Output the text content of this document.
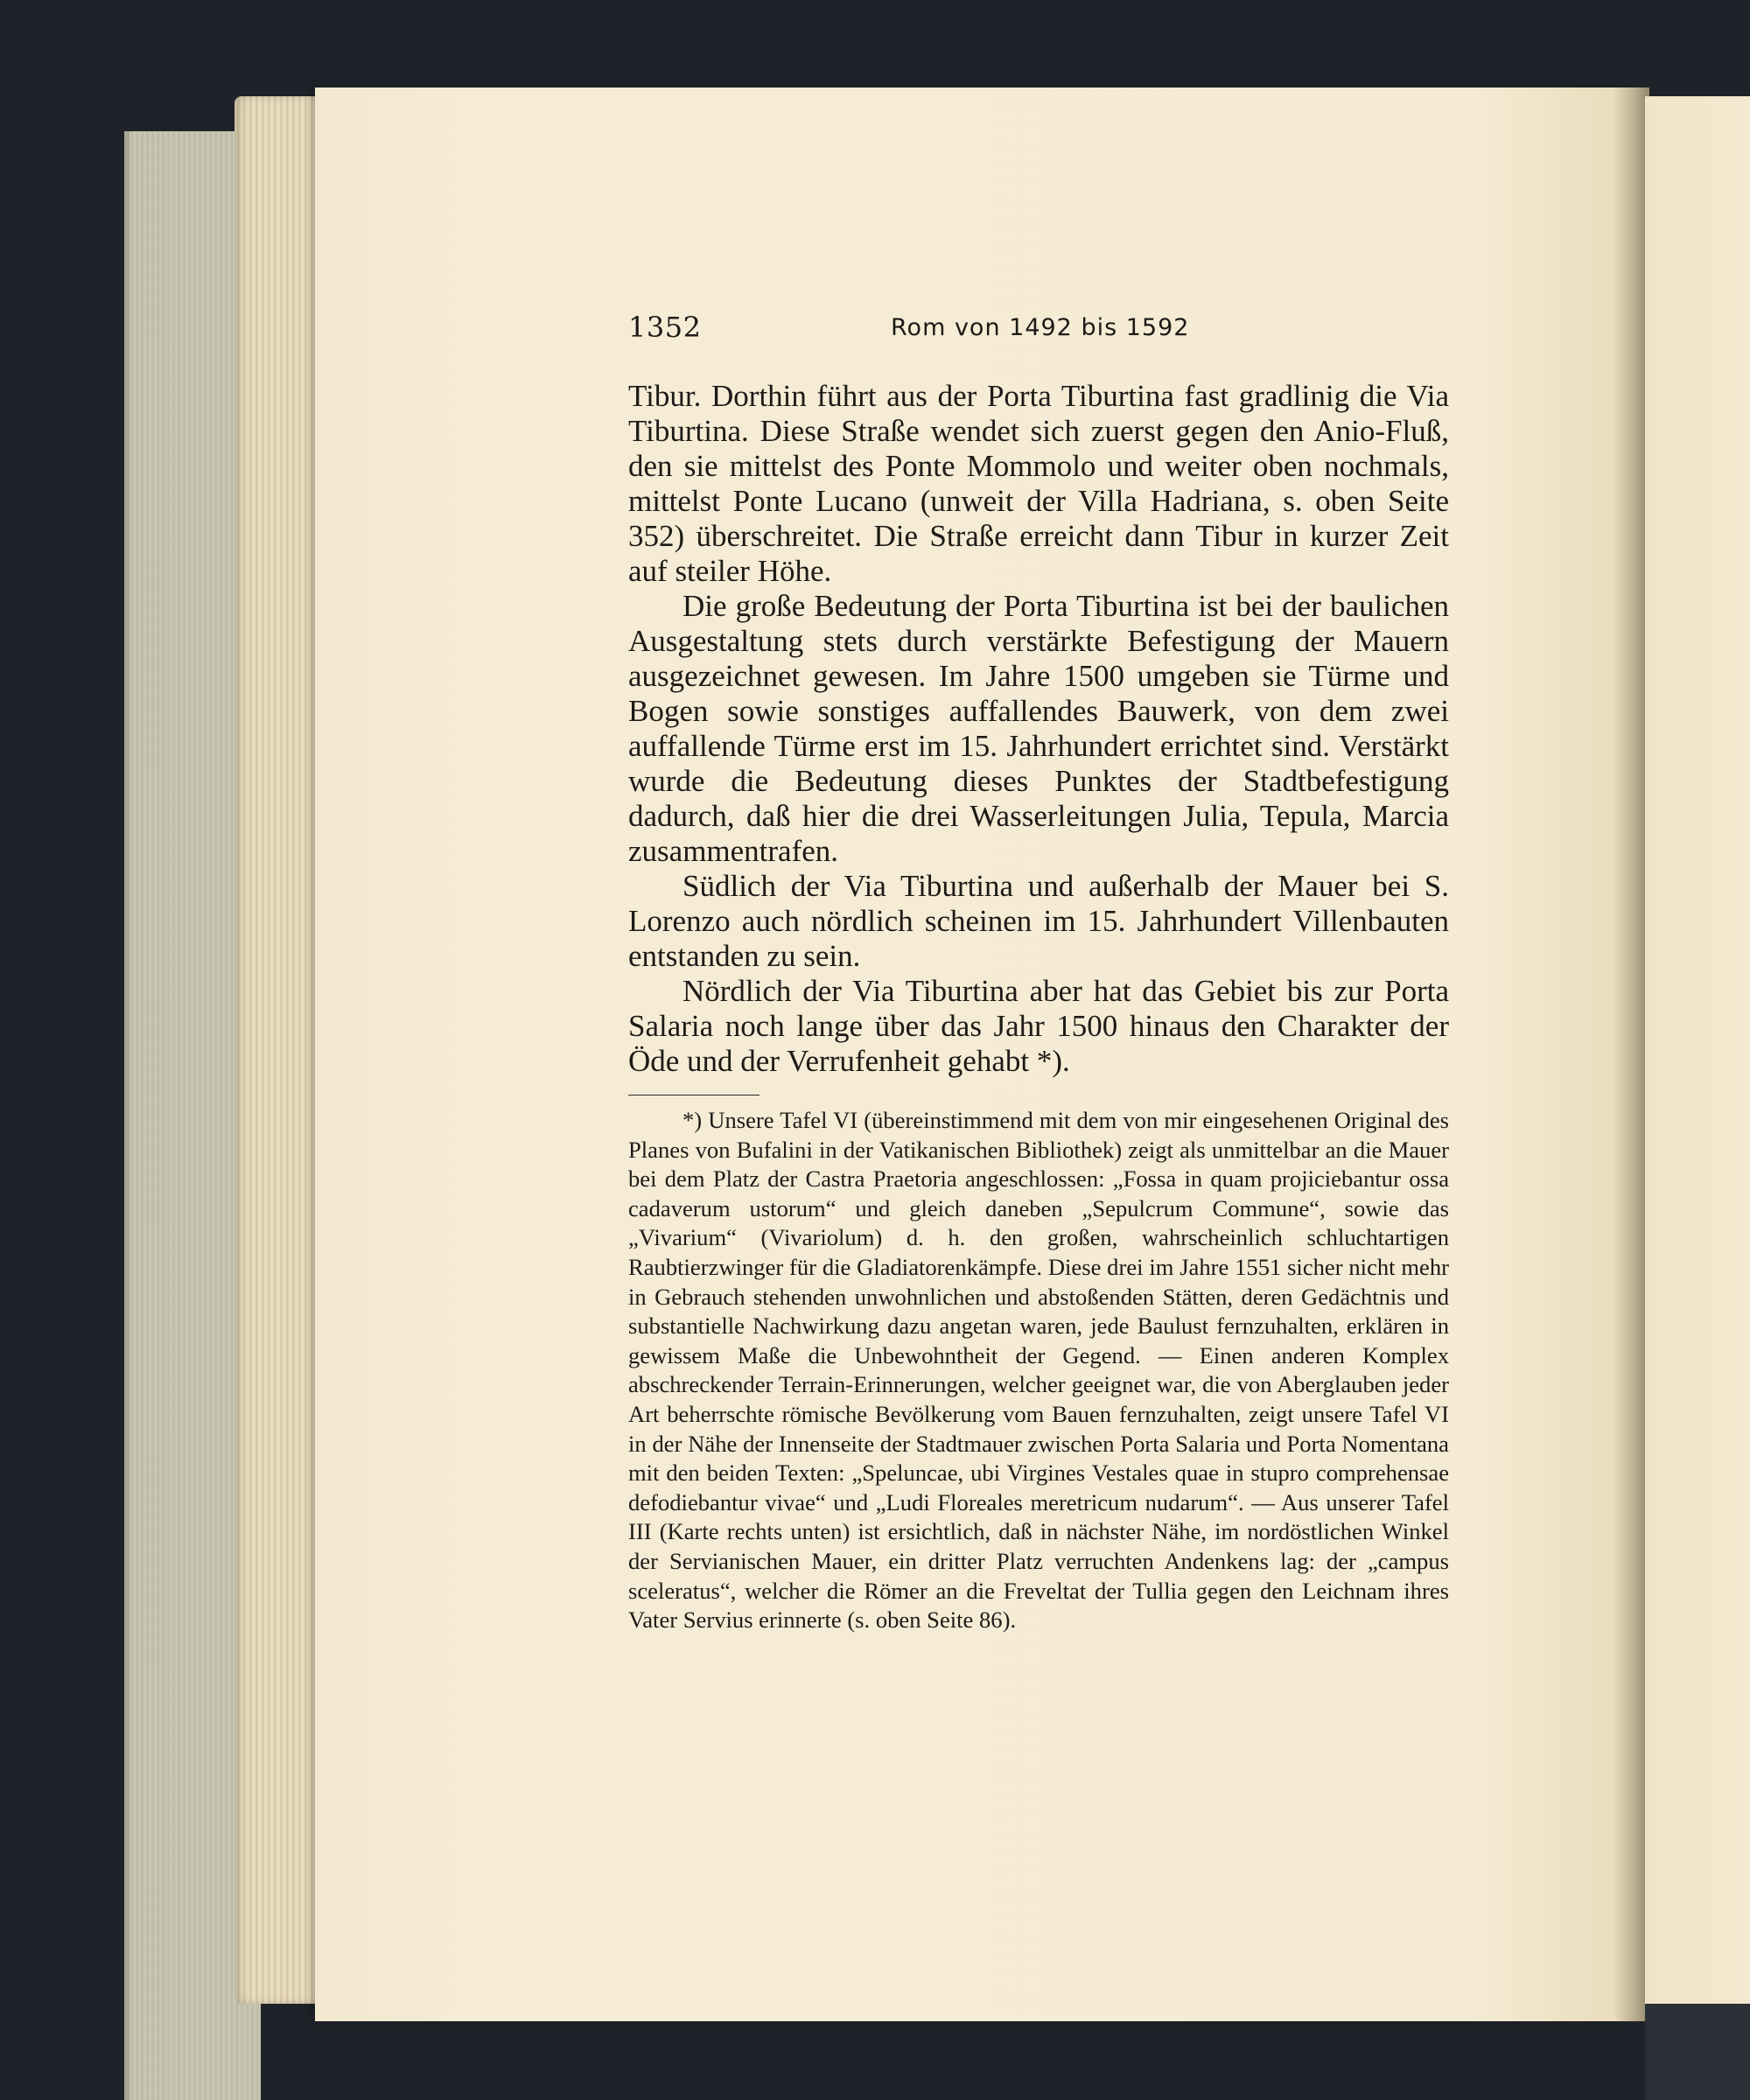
1352	Rom von 1492 bis 1592

Tibur. Dorthin führt aus der Porta Tiburtina fast gradlinig die Via Tiburtina. Diese Straße wendet sich zuerst gegen den Anio-Fluß, den sie mittelst des Ponte Mommolo und weiter oben nochmals, mittelst Ponte Lucano (unweit der Villa Hadriana, s. oben Seite 352) überschreitet. Die Straße erreicht dann Tibur in kurzer Zeit auf steiler Höhe.

Die große Bedeutung der Porta Tiburtina ist bei der baulichen Ausgestaltung stets durch verstärkte Befestigung der Mauern ausgezeichnet gewesen. Im Jahre 1500 umgeben sie Türme und Bogen sowie sonstiges auffallendes Bauwerk, von dem zwei auffallende Türme erst im 15. Jahrhundert errichtet sind. Verstärkt wurde die Bedeutung dieses Punktes der Stadtbefestigung dadurch, daß hier die drei Wasserleitungen Julia, Tepula, Marcia zusammentrafen.

Südlich der Via Tiburtina und außerhalb der Mauer bei S. Lorenzo auch nördlich scheinen im 15. Jahrhundert Villenbauten entstanden zu sein.

Nördlich der Via Tiburtina aber hat das Gebiet bis zur Porta Salaria noch lange über das Jahr 1500 hinaus den Charakter der Öde und der Verrufenheit gehabt *).

*) Unsere Tafel VI (übereinstimmend mit dem von mir eingesehenen Original des Planes von Bufalini in der Vatikanischen Bibliothek) zeigt als unmittelbar an die Mauer bei dem Platz der Castra Praetoria angeschlossen: „Fossa in quam projiciebantur ossa cadaverum ustorum“ und gleich daneben „Sepulcrum Commune“, sowie das „Vivarium“ (Vivariolum) d. h. den großen, wahrscheinlich schluchtartigen Raubtierzwinger für die Gladiatorenkämpfe. Diese drei im Jahre 1551 sicher nicht mehr in Gebrauch stehenden unwohnlichen und abstoßenden Stätten, deren Gedächtnis und substantielle Nachwirkung dazu angetan waren, jede Baulust fernzuhalten, erklären in gewissem Maße die Unbewohntheit der Gegend. — Einen anderen Komplex abschreckender Terrain-Erinnerungen, welcher geeignet war, die von Aberglauben jeder Art beherrschte römische Bevölkerung vom Bauen fernzuhalten, zeigt unsere Tafel VI in der Nähe der Innenseite der Stadtmauer zwischen Porta Salaria und Porta Nomentana mit den beiden Texten: „Speluncae, ubi Virgines Vestales quae in stupro comprehensae defodiebantur vivae“ und „Ludi Floreales meretricum nudarum“. — Aus unserer Tafel III (Karte rechts unten) ist ersichtlich, daß in nächster Nähe, im nordöstlichen Winkel der Servianischen Mauer, ein dritter Platz verruchten Andenkens lag: der „campus sceleratus“, welcher die Römer an die Freveltat der Tullia gegen den Leichnam ihres Vater Servius erinnerte (s. oben Seite 86).
